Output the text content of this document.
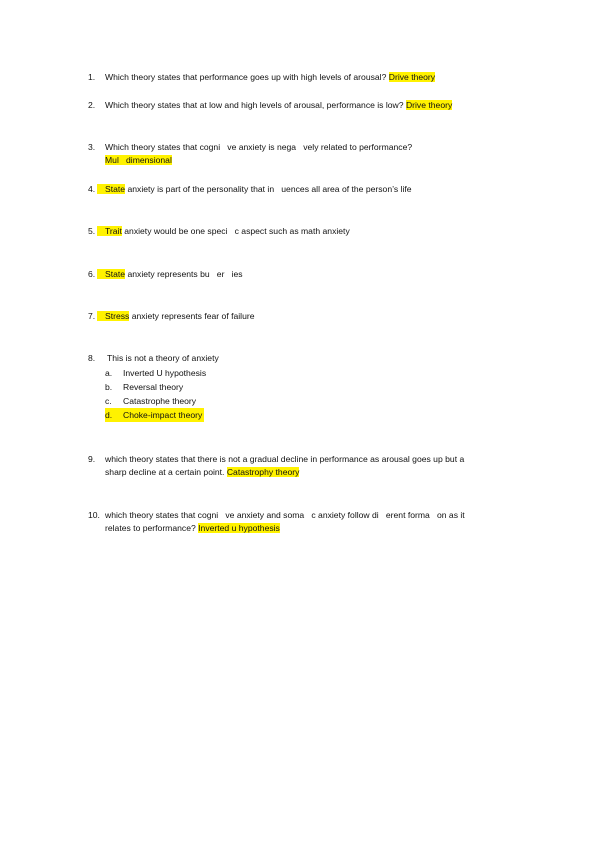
1. Which theory states that performance goes up with high levels of arousal? Drive theory
2. Which theory states that at low and high levels of arousal, performance is low? Drive theory
3. Which theory states that cogni   ve anxiety is nega   vely related to performance?
Mul   dimensional
4. State anxiety is part of the personality that in   uences all area of the person’s life
5. Trait anxiety would be one speci   c aspect such as math anxiety
6. State anxiety represents bu   er   ies
7. Stress anxiety represents fear of failure
8. This is not a theory of anxiety
a. Inverted U hypothesis
b. Reversal theory
c. Catastrophe theory
d. Choke-impact theory
9. which theory states that there is not a gradual decline in performance as arousal goes up but a
sharp decline at a certain point. Catastrophy theory
10. which theory states that cogni   ve anxiety and soma   c anxiety follow di   erent forma   on as it
relates to performance? Inverted u hypothesis
